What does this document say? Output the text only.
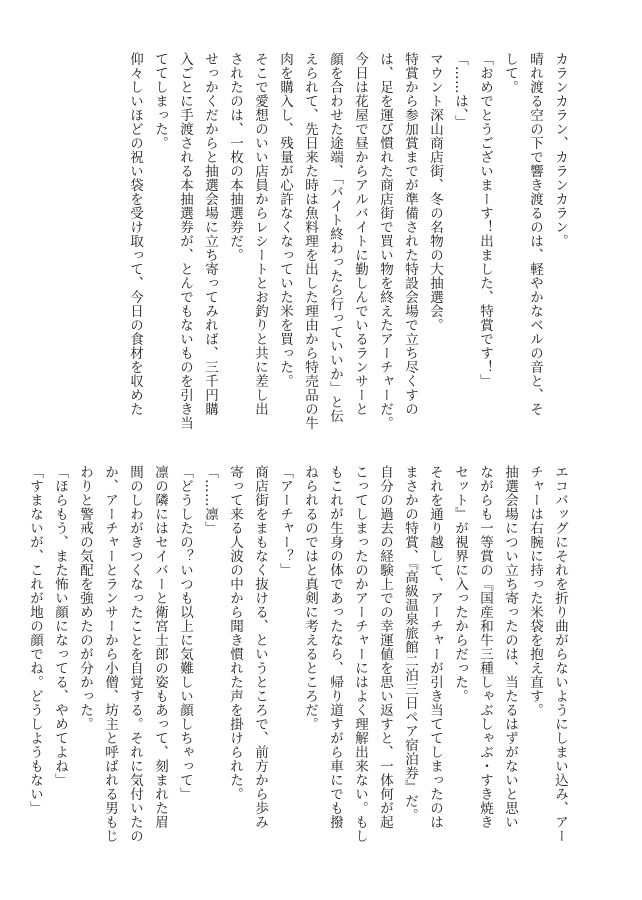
カランカラン、カランカラン。
晴れ渡る空の下で響き渡るのは、軽やかなベルの音と、そ
して。
「おめでとうございまーす！出ました、特賞です！」
「……は、」
マウント深山商店街、冬の名物の大抽選会。
特賞から参加賞までが準備された特設会場で立ち尽くすの
は、足を運び慣れた商店街で買い物を終えたアーチャーだ。
今日は花屋で昼からアルバイトに勤しんでいるランサーと
顔を合わせた途端、「バイト終わったら行っていいか」と伝
えられて、先日来た時は魚料理を出した理由から特売品の牛
肉を購入し、残量が心許なくなっていた米を買った。
そこで愛想のいい店員からレシートとお釣りと共に差し出
されたのは、一枚の本抽選券だ。
せっかくだからと抽選会場に立ち寄ってみれば、三千円購
入ごとに手渡される本抽選券が、とんでもないものを引き当
ててしまった。
仰々しいほどの祝い袋を受け取って、今日の食材を収めた
エコバッグにそれを折り曲がらないようにしまい込み、アー
チャーは右腕に持った米袋を抱え直す。
抽選会場につい立ち寄ったのは、当たるはずがないと思い
ながらも一等賞の『国産和牛三種しゃぶしゃぶ・すき焼き
セット』が視界に入ったからだった。
それを通り越して、アーチャーが引き当ててしまったのは
まさかの特賞、『高級温泉旅館二泊三日ペア宿泊券』だ。
自分の過去の経験上での幸運値を思い返すと、一体何が起
こってしまったのかアーチャーにはよく理解出来ない。もし
もこれが生身の体であったなら、帰り道すがら車にでも撥
ねられるのではと真剣に考えるところだ。
「アーチャー？」
商店街をまもなく抜ける、というところで、前方から歩み
寄って来る人波の中から聞き慣れた声を掛けられた。
「……凛」
「どうしたの？いつも以上に気難しい顔しちゃって」
凛の隣にはセイバーと衛宮士郎の姿もあって、刻まれた眉
間のしわがきつくなったことを自覚する。それに気付いたの
か、アーチャーとランサーから小僧、坊主と呼ばれる男もじ
わりと警戒の気配を強めたのが分かった。
「ほらもう、また怖い顔になってる、やめてよね」
「すまないが、これが地の顔でね。どうしようもない」
